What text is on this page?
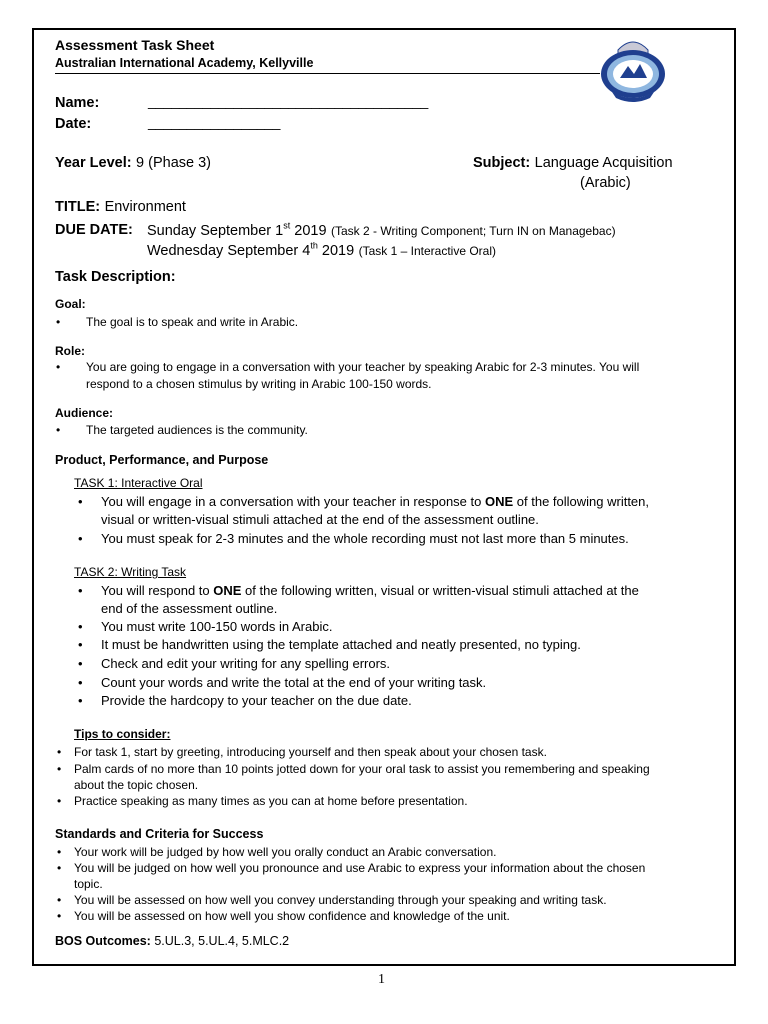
Assessment Task Sheet
Australian International Academy, Kellyville
Name:	____________________________________
Date:	_________________
Year Level: 9 (Phase 3)	Subject: Language Acquisition
(Arabic)
TITLE: Environment
DUE DATE: Sunday September 1st 2019 (Task 2 - Writing Component; Turn IN on Managebac)
Wednesday September 4th 2019 (Task 1 – Interactive Oral)
Task Description:
Goal:
• The goal is to speak and write in Arabic.
Role:
• You are going to engage in a conversation with your teacher by speaking Arabic for 2-3 minutes. You will
respond to a chosen stimulus by writing in Arabic 100-150 words.
Audience:
• The targeted audiences is the community.
Product, Performance, and Purpose
TASK 1: Interactive Oral
• You will engage in a conversation with your teacher in response to ONE of the following written,
visual or written-visual stimuli attached at the end of the assessment outline.
• You must speak for 2-3 minutes and the whole recording must not last more than 5 minutes.
TASK 2: Writing Task
• You will respond to ONE of the following written, visual or written-visual stimuli attached at the
end of the assessment outline.
• You must write 100-150 words in Arabic.
• It must be handwritten using the template attached and neatly presented, no typing.
• Check and edit your writing for any spelling errors.
• Count your words and write the total at the end of your writing task.
• Provide the hardcopy to your teacher on the due date.
Tips to consider:
• For task 1, start by greeting, introducing yourself and then speak about your chosen task.
• Palm cards of no more than 10 points jotted down for your oral task to assist you remembering and speaking
about the topic chosen.
• Practice speaking as many times as you can at home before presentation.
Standards and Criteria for Success
• Your work will be judged by how well you orally conduct an Arabic conversation.
• You will be judged on how well you pronounce and use Arabic to express your information about the chosen
topic.
• You will be assessed on how well you convey understanding through your speaking and writing task.
• You will be assessed on how well you show confidence and knowledge of the unit.
BOS Outcomes: 5.UL.3, 5.UL.4, 5.MLC.2
1
